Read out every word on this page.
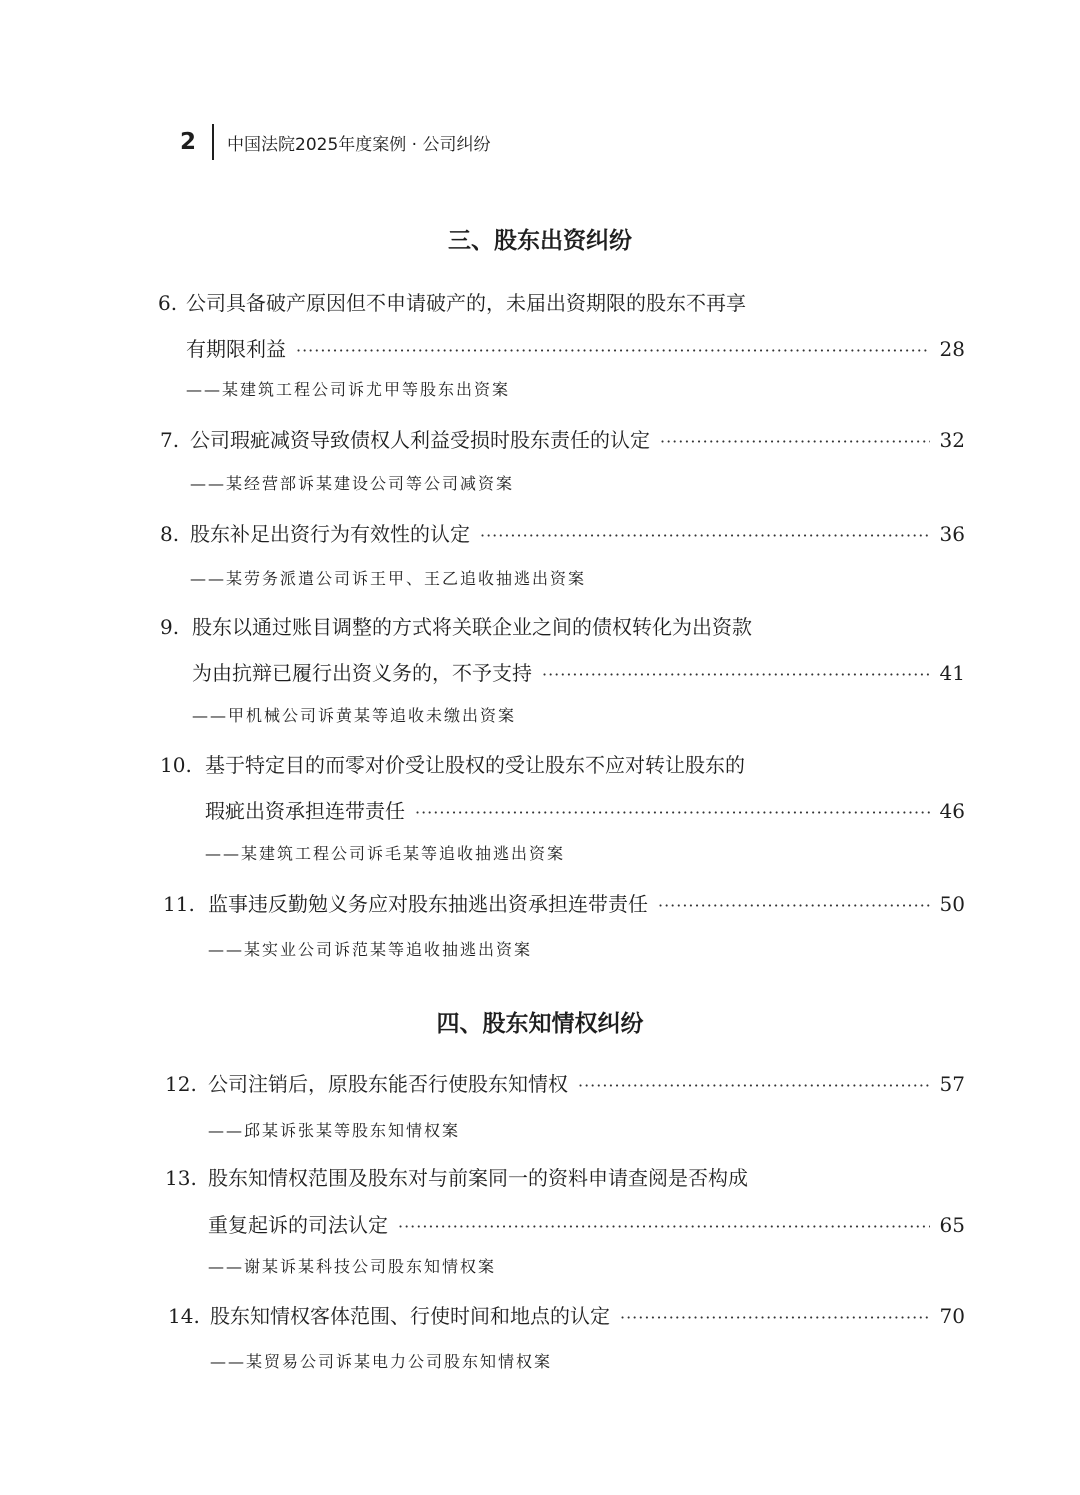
2	中国法院2025年度案例 · 公司纠纷
三、股东出资纠纷
6. 公司具备破产原因但不申请破产的，未届出资期限的股东不再享
有期限利益 ·····	28
——某建筑工程公司诉尤甲等股东出资案
7. 公司瑕疵减资导致债权人利益受损时股东责任的认定 ·····	32
——某经营部诉某建设公司等公司减资案
8. 股东补足出资行为有效性的认定 ·····	36
——某劳务派遣公司诉王甲、王乙追收抽逃出资案
9. 股东以通过账目调整的方式将关联企业之间的债权转化为出资款
为由抗辩已履行出资义务的，不予支持 ·····	41
——甲机械公司诉黄某等追收未缴出资案
10. 基于特定目的而零对价受让股权的受让股东不应对转让股东的
瑕疵出资承担连带责任 ·····	46
——某建筑工程公司诉毛某等追收抽逃出资案
11. 监事违反勤勉义务应对股东抽逃出资承担连带责任 ·····	50
——某实业公司诉范某等追收抽逃出资案
四、股东知情权纠纷
12. 公司注销后，原股东能否行使股东知情权 ·····	57
——邱某诉张某等股东知情权案
13. 股东知情权范围及股东对与前案同一的资料申请查阅是否构成
重复起诉的司法认定 ·····	65
——谢某诉某科技公司股东知情权案
14. 股东知情权客体范围、行使时间和地点的认定 ·····	70
——某贸易公司诉某电力公司股东知情权案
